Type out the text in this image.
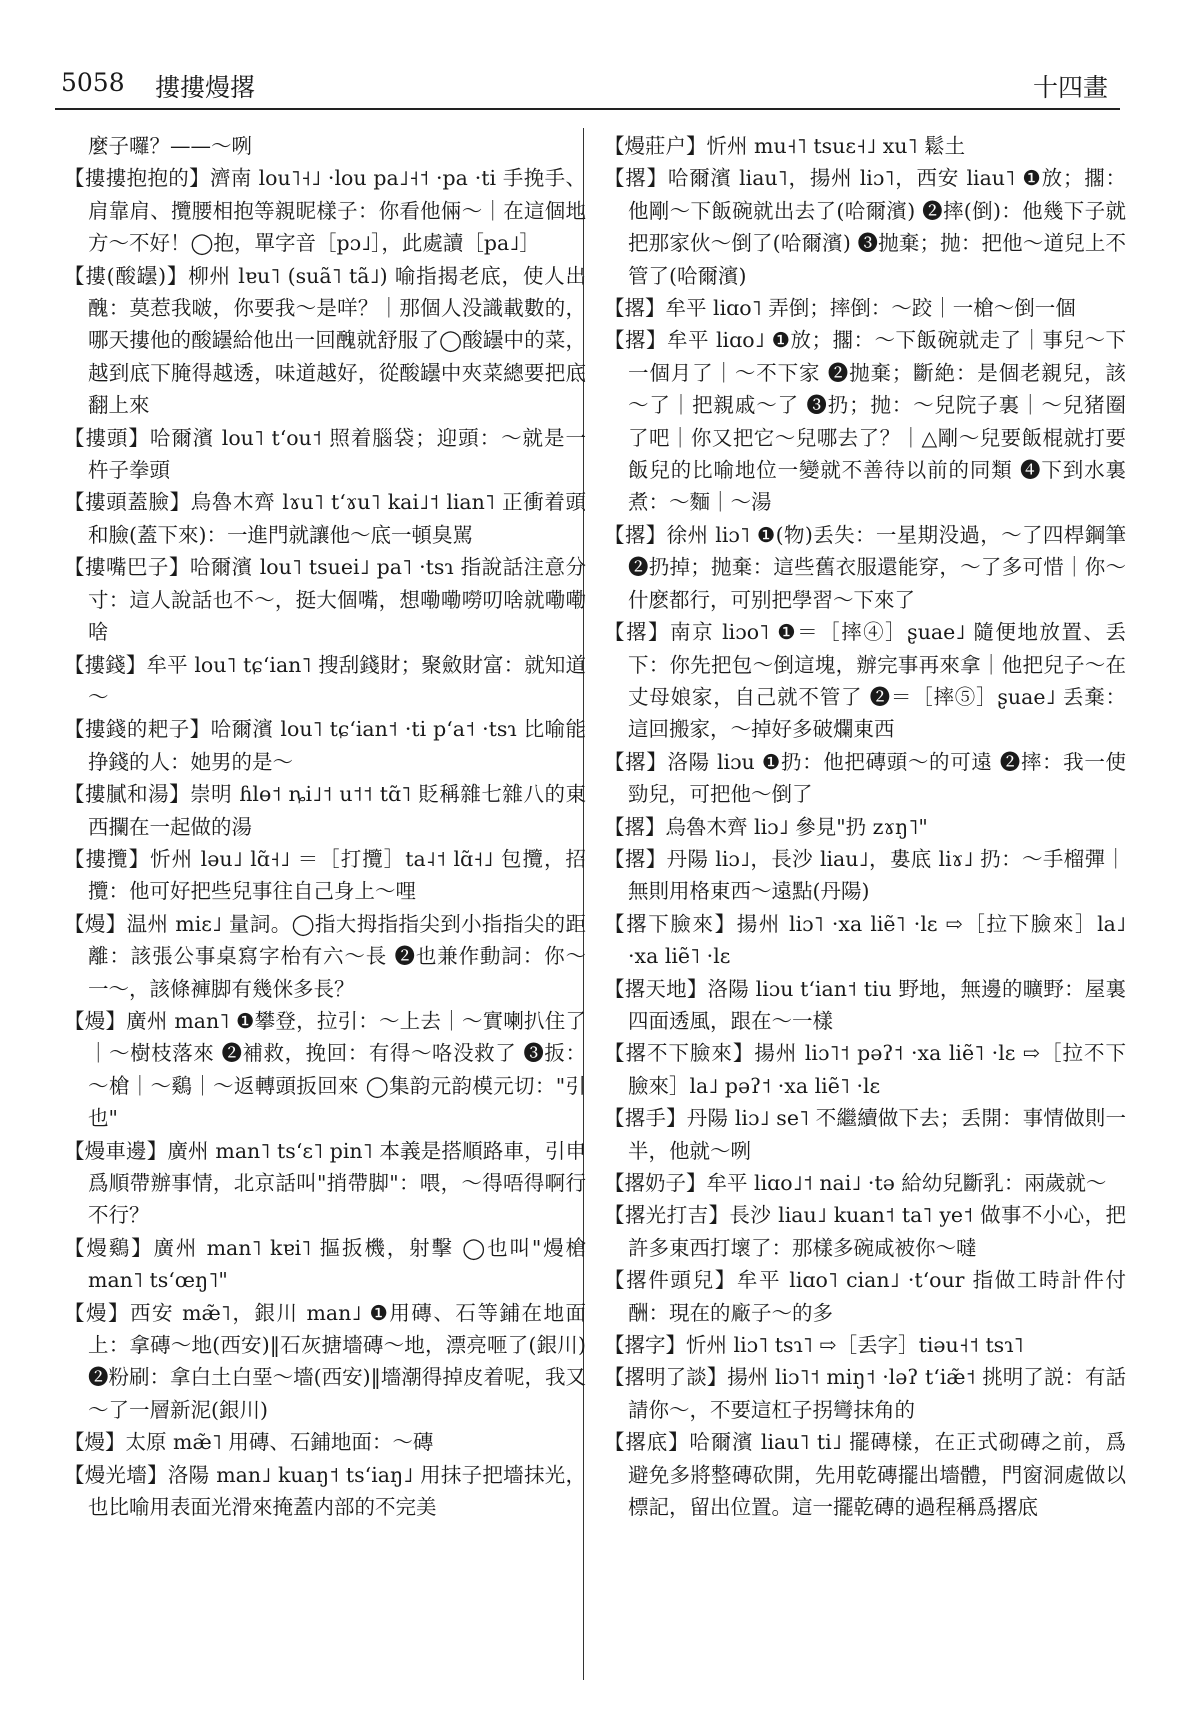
5058 摟摟熳撂	十四畫

麼子囉？——～咧

【摟摟抱抱的】濟南 lou˥˧˩ ·lou pa˩˧˦ ·pa ·ti 手挽手、肩靠肩、攬腰相抱等親昵樣子：你看他倆～｜在這個地方～不好！◯抱，單字音［pɔ˩］，此處讀［pa˩］

【摟(酸罎)】柳州 lɐu˥ (suã˥ tã˩) 喻指揭老底，使人出醜：莫惹我啵，你要我～是咩？｜那個人没識載數的，哪天摟他的酸罎給他出一回醜就舒服了◯酸罎中的菜，越到底下腌得越透，味道越好，從酸罎中夾菜總要把底翻上來

【摟頭】哈爾濱 lou˥ tʻou˦ 照着腦袋；迎頭：～就是一杵子拳頭

【摟頭蓋臉】烏魯木齊 lɤu˥ tʻɤu˥ kai˩˦ lian˥ 正衝着頭和臉(蓋下來)：一進門就讓他～底一頓臭駡

【摟嘴巴子】哈爾濱 lou˥ tsuei˩ pa˥ ·tsɿ 指說話注意分寸：這人說話也不～，挺大個嘴，想嘞嘞嘮叨啥就嘞嘞啥

【摟錢】牟平 lou˥ tɕʻian˥ 搜刮錢財；聚斂財富：就知道～

【摟錢的耙子】哈爾濱 lou˥ tɕʻian˦ ·ti pʻa˦ ·tsɿ 比喻能挣錢的人：她男的是～

【摟膩和湯】崇明 ɦlɵ˦ ȵi˩˦ u˦˦ tɑ̃˥ 貶稱雜七雜八的東西攔在一起做的湯

【摟攬】忻州 ləu˩ lɑ̃˧˩ ＝［打攬］ta˨˦ lɑ̃˧˩ 包攬，招攬：他可好把些兒事往自己身上～哩

【熳】温州 miɛ˩ 量詞。◯指大拇指指尖到小指指尖的距離：該張公事桌寫字枱有六～長 ❷也兼作動詞：你～一～，該條褲脚有幾侎多長？

【熳】廣州 man˥ ❶攀登，拉引：～上去｜～實喇扒住了｜～樹枝落來 ❷補救，挽回：有得～咯没救了 ❸扳：～槍｜～鷄｜～返轉頭扳回來 ◯集韵元韵模元切："引也"

【熳車邊】廣州 man˥ tsʻɛ˥ pin˥ 本義是搭順路車，引申爲順帶辦事情，北京話叫"捎帶脚"：喂，～得唔得啊行不行？

【熳鷄】廣州 man˥ kɐi˥ 摳扳機，射擊 ◯也叫"熳槍 man˥ tsʻœŋ˥"

【熳】西安 mæ̃˥，銀川 man˩ ❶用磚、石等鋪在地面上：拿磚～地(西安)‖石灰搪墻磚～地，漂亮咂了(銀川) ❷粉刷：拿白土白堊～墻(西安)‖墻潮得掉皮着呢，我又～了一層新泥(銀川)

【熳】太原 mæ̃˥ 用磚、石鋪地面：～磚

【熳光墻】洛陽 man˩ kuaŋ˦ tsʻiaŋ˩ 用抹子把墻抹光，也比喻用表面光滑來掩蓋内部的不完美

【熳莊户】忻州 mu˧˥ tsuɛ˧˩ xu˥ 鬆土

【撂】哈爾濱 liau˥，揚州 liɔ˥，西安 liau˥ ❶放；擱：他剛～下飯碗就出去了(哈爾濱) ❷摔(倒)：他幾下子就把那家伙～倒了(哈爾濱) ❸抛棄；抛：把他～道兒上不管了(哈爾濱)

【撂】牟平 liɑo˥ 弄倒；摔倒：～跤｜一槍～倒一個

【撂】牟平 liɑo˩ ❶放；擱：～下飯碗就走了｜事兒～下一個月了｜～不下家 ❷抛棄；斷絶：是個老親兒，該～了｜把親戚～了 ❸扔；抛：～兒院子裏｜～兒猪圈了吧｜你又把它～兒哪去了？｜△剛～兒要飯棍就打要飯兒的比喻地位一變就不善待以前的同類 ❹下到水裏煮：～麵｜～湯

【撂】徐州 liɔ˥ ❶(物)丢失：一星期没過，～了四桿鋼筆 ❷扔掉；抛棄：這些舊衣服還能穿，～了多可惜｜你～什麽都行，可别把學習～下來了

【撂】南京 liɔo˥ ❶＝［摔④］ʂuae˩ 隨便地放置、丢下：你先把包～倒這塊，辦完事再來拿｜他把兒子～在丈母娘家，自己就不管了 ❷＝［摔⑤］ʂuae˩ 丢棄：這回搬家，～掉好多破爛東西

【撂】洛陽 liɔu ❶扔：他把磚頭～的可遠 ❷摔：我一使勁兒，可把他～倒了

【撂】烏魯木齊 liɔ˩ 參見"扔 zɤŋ˥"

【撂】丹陽 liɔ˩，長沙 liau˩，婁底 liɤ˩ 扔：～手榴彈｜無則用格東西～遠點(丹陽)

【撂下臉來】揚州 liɔ˥ ·xa liẽ˥ ·lɛ ⇨［拉下臉來］la˩ ·xa liẽ˥ ·lɛ

【撂天地】洛陽 liɔu tʻian˦ tiu 野地，無邊的曠野：屋裏四面透風，跟在～一樣

【撂不下臉來】揚州 liɔ˥˦ pəʔ˦ ·xa liẽ˥ ·lɛ ⇨［拉不下臉來］la˩ pəʔ˦ ·xa liẽ˥ ·lɛ

【撂手】丹陽 liɔ˩ se˥ 不繼續做下去；丢開：事情做則一半，他就～咧

【撂奶子】牟平 liɑo˩˦ nai˩ ·tə 給幼兒斷乳：兩歲就～

【撂光打吉】長沙 liau˩ kuan˦ ta˥ ye˦ 做事不小心，把許多東西打壞了：那樣多碗咸被你～噠

【撂件頭兒】牟平 liɑo˥ cian˩ ·tʻour 指做工時計件付酬：現在的廠子～的多

【撂字】忻州 liɔ˥ tsɿ˥ ⇨［丢字］tiəu˧˦ tsɿ˥

【撂明了談】揚州 liɔ˥˦ miŋ˦ ·ləʔ tʻiæ̃˦ 挑明了説：有話請你～，不要這杠子拐彎抹角的

【撂底】哈爾濱 liau˥ ti˩ 擺磚樣，在正式砌磚之前，爲避免多將整磚砍開，先用乾磚擺出墻體，門窗洞處做以標記，留出位置。這一擺乾磚的過程稱爲撂底
